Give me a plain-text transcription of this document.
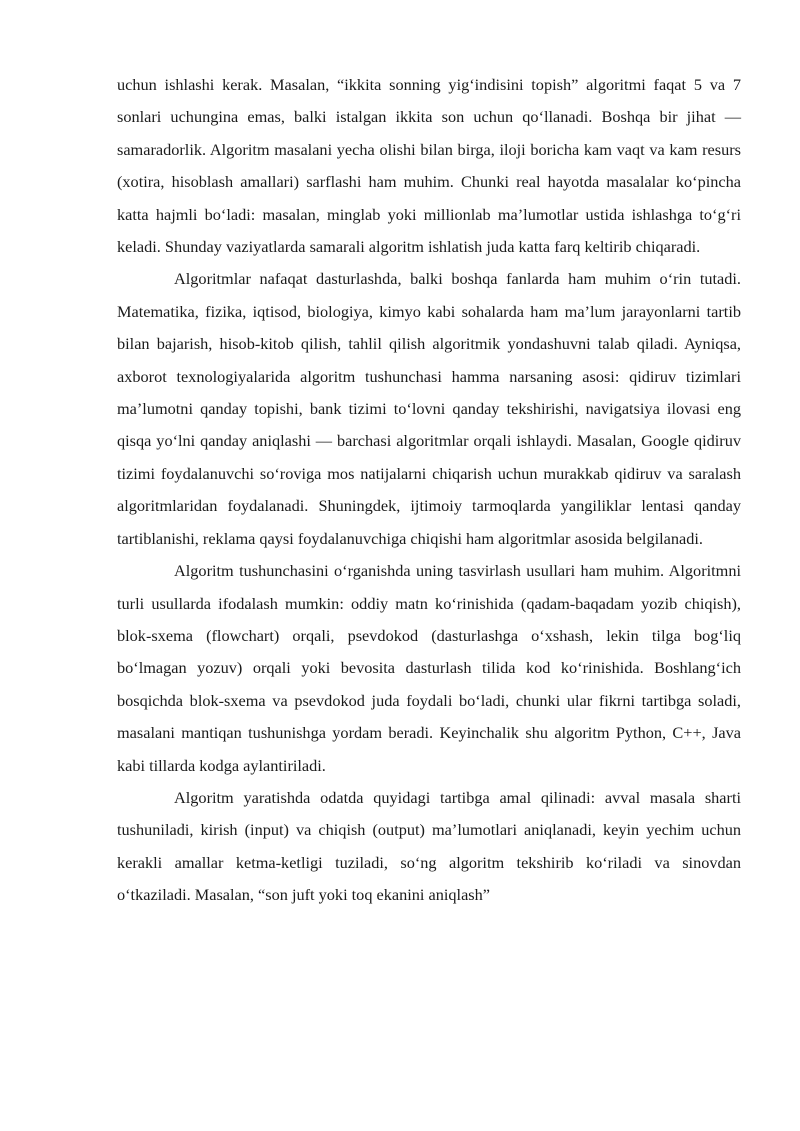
uchun ishlashi kerak. Masalan, “ikkita sonning yig‘indisini topish” algoritmi faqat 5 va 7 sonlari uchungina emas, balki istalgan ikkita son uchun qo‘llanadi. Boshqa bir jihat — samaradorlik. Algoritm masalani yecha olishi bilan birga, iloji boricha kam vaqt va kam resurs (xotira, hisoblash amallari) sarflashi ham muhim. Chunki real hayotda masalalar ko‘pincha katta hajmli bo‘ladi: masalan, minglab yoki millionlab ma’lumotlar ustida ishlashga to‘g‘ri keladi. Shunday vaziyatlarda samarali algoritm ishlatish juda katta farq keltirib chiqaradi.

Algoritmlar nafaqat dasturlashda, balki boshqa fanlarda ham muhim o‘rin tutadi. Matematika, fizika, iqtisod, biologiya, kimyo kabi sohalarda ham ma’lum jarayonlarni tartib bilan bajarish, hisob-kitob qilish, tahlil qilish algoritmik yondashuvni talab qiladi. Ayniqsa, axborot texnologiyalarida algoritm tushunchasi hamma narsaning asosi: qidiruv tizimlari ma’lumotni qanday topishi, bank tizimi to‘lovni qanday tekshirishi, navigatsiya ilovasi eng qisqa yo‘lni qanday aniqlashi — barchasi algoritmlar orqali ishlaydi. Masalan, Google qidiruv tizimi foydalanuvchi so‘roviga mos natijalarni chiqarish uchun murakkab qidiruv va saralash algoritmlaridan foydalanadi. Shuningdek, ijtimoiy tarmoqlarda yangiliklar lentasi qanday tartiblanishi, reklama qaysi foydalanuvchiga chiqishi ham algoritmlar asosida belgilanadi.

Algoritm tushunchasini o‘rganishda uning tasvirlash usullari ham muhim. Algoritmni turli usullarda ifodalash mumkin: oddiy matn ko‘rinishida (qadam-baqadam yozib chiqish), blok-sxema (flowchart) orqali, psevdokod (dasturlashga o‘xshash, lekin tilga bog‘liq bo‘lmagan yozuv) orqali yoki bevosita dasturlash tilida kod ko‘rinishida. Boshlang‘ich bosqichda blok-sxema va psevdokod juda foydali bo‘ladi, chunki ular fikrni tartibga soladi, masalani mantiqan tushunishga yordam beradi. Keyinchalik shu algoritm Python, C++, Java kabi tillarda kodga aylantiriladi.

Algoritm yaratishda odatda quyidagi tartibga amal qilinadi: avval masala sharti tushuniladi, kirish (input) va chiqish (output) ma’lumotlari aniqlanadi, keyin yechim uchun kerakli amallar ketma-ketligi tuziladi, so‘ng algoritm tekshirib ko‘riladi va sinovdan o‘tkaziladi. Masalan, “son juft yoki toq ekanini aniqlash”
